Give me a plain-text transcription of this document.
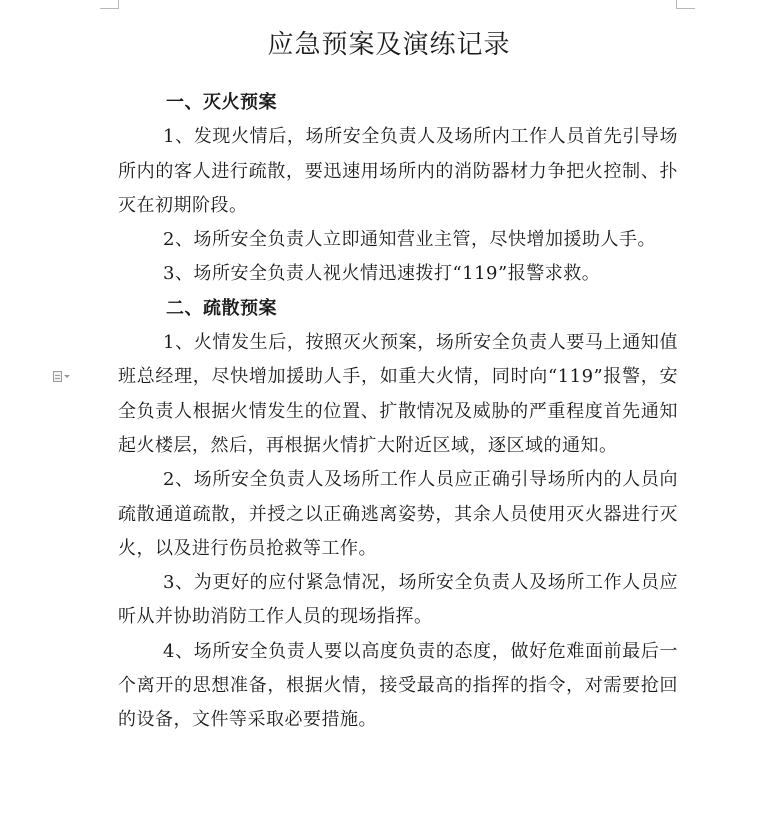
应急预案及演练记录

一、灭火预案

1、发现火情后，场所安全负责人及场所内工作人员首先引导场所内的客人进行疏散，要迅速用场所内的消防器材力争把火控制、扑灭在初期阶段。

2、场所安全负责人立即通知营业主管，尽快增加援助人手。

3、场所安全负责人视火情迅速拨打“119”报警求救。

二、疏散预案

1、火情发生后，按照灭火预案，场所安全负责人要马上通知值班总经理，尽快增加援助人手，如重大火情，同时向“119”报警，安全负责人根据火情发生的位置、扩散情况及威胁的严重程度首先通知起火楼层，然后，再根据火情扩大附近区域，逐区域的通知。

2、场所安全负责人及场所工作人员应正确引导场所内的人员向疏散通道疏散，并授之以正确逃离姿势，其余人员使用灭火器进行灭火，以及进行伤员抢救等工作。

3、为更好的应付紧急情况，场所安全负责人及场所工作人员应听从并协助消防工作人员的现场指挥。

4、场所安全负责人要以高度负责的态度，做好危难面前最后一个离开的思想准备，根据火情，接受最高的指挥的指令，对需要抢回的设备，文件等采取必要措施。
